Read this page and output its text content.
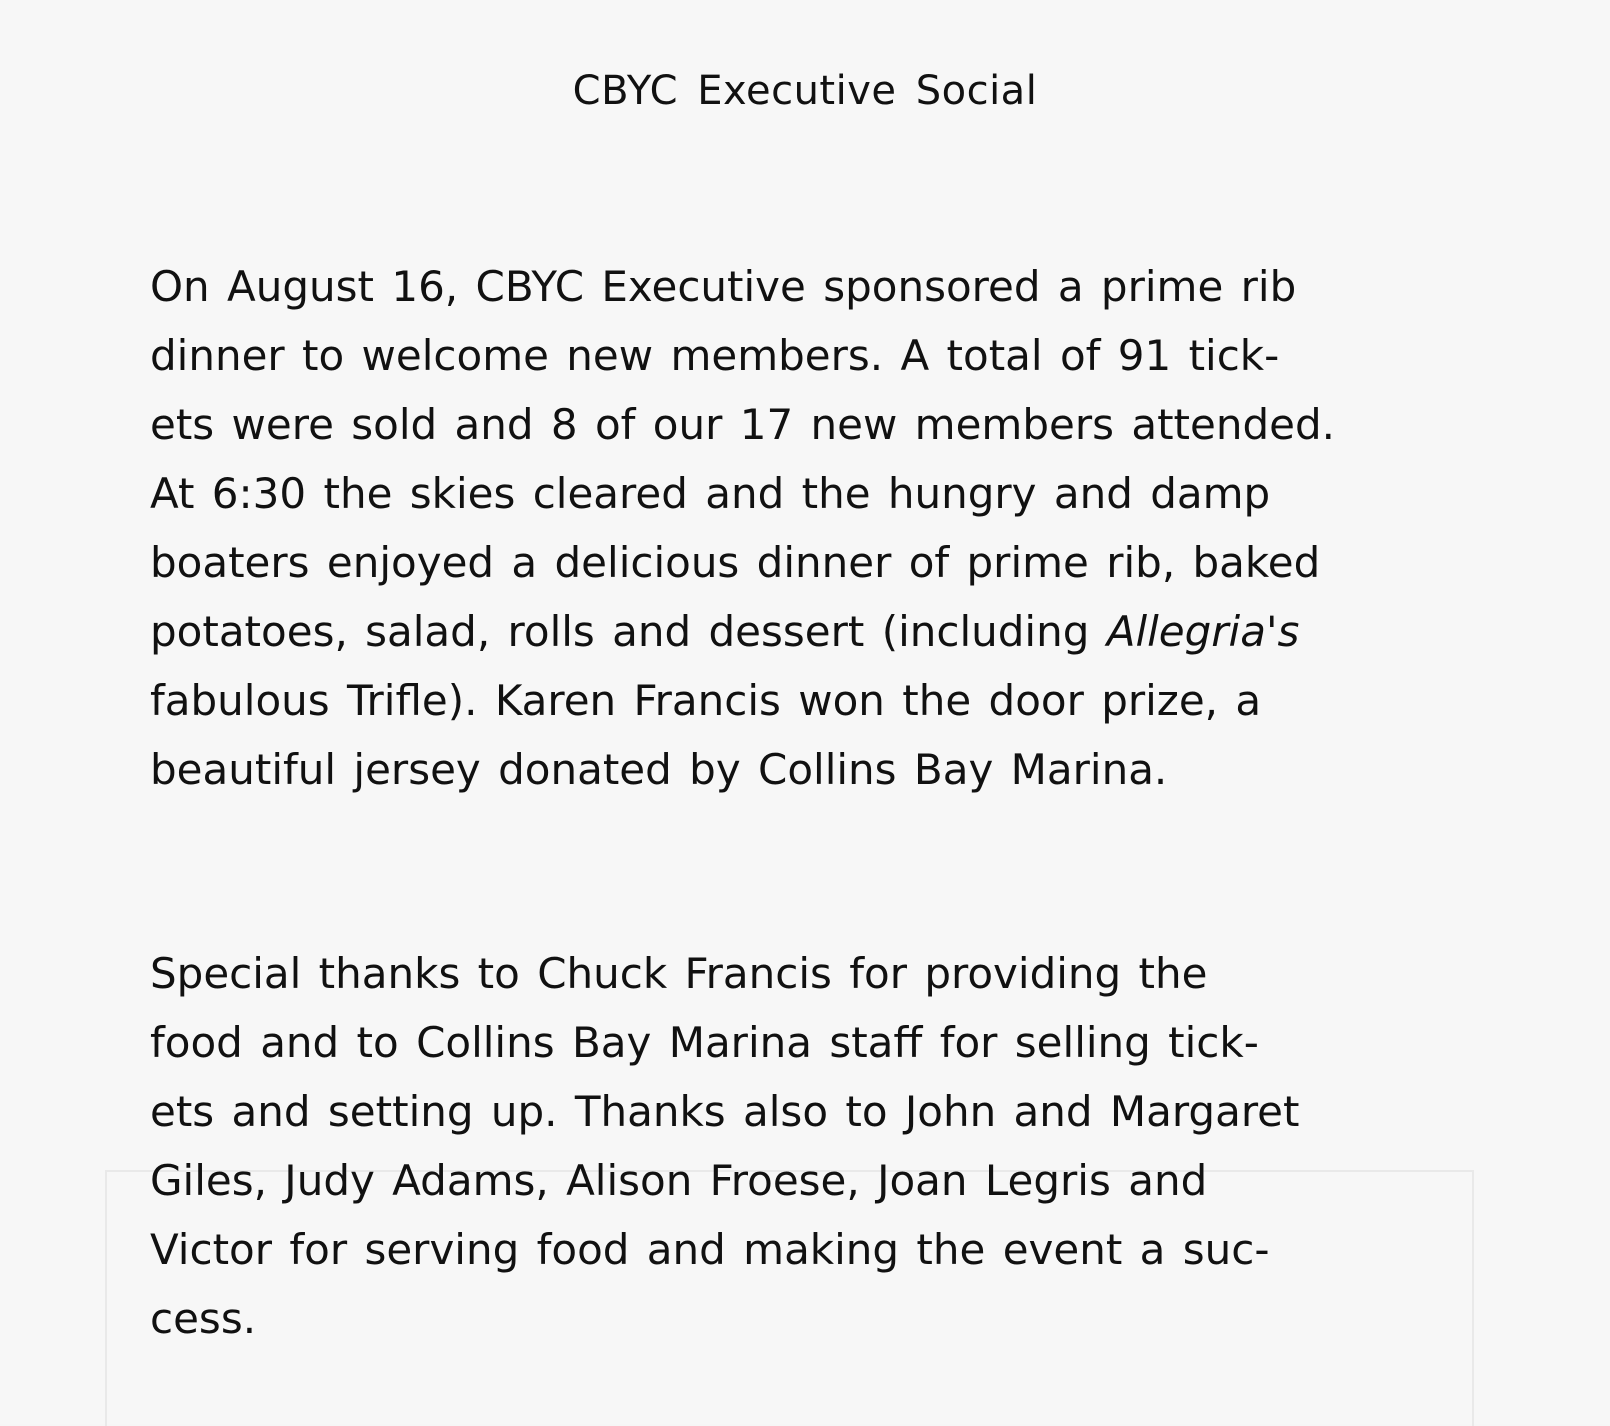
CBYC Executive Social

On August 16, CBYC Executive sponsored a prime rib
dinner to welcome new members. A total of 91 tick-
ets were sold and 8 of our 17 new members attended.
At 6:30 the skies cleared and the hungry and damp
boaters enjoyed a delicious dinner of prime rib, baked
potatoes, salad, rolls and dessert (including Allegria's
fabulous Trifle). Karen Francis won the door prize, a
beautiful jersey donated by Collins Bay Marina.

Special thanks to Chuck Francis for providing the
food and to Collins Bay Marina staff for selling tick-
ets and setting up. Thanks also to John and Margaret
Giles, Judy Adams, Alison Froese, Joan Legris and
Victor for serving food and making the event a suc-
cess.
